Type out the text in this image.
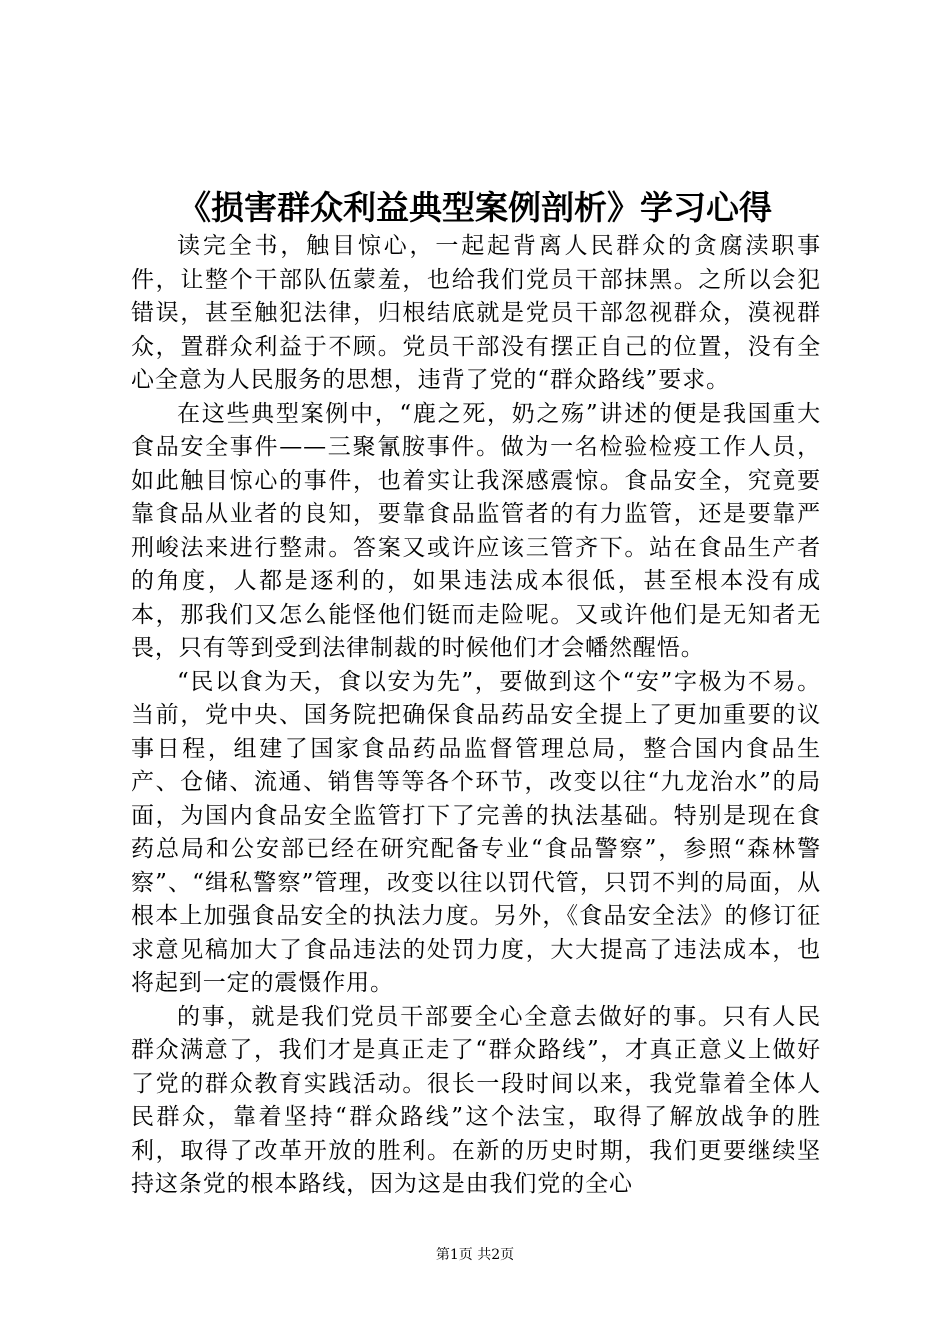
《损害群众利益典型案例剖析》学习心得

读完全书，触目惊心，一起起背离人民群众的贪腐渎职事件，让整个干部队伍蒙羞，也给我们党员干部抹黑。之所以会犯错误，甚至触犯法律，归根结底就是党员干部忽视群众，漠视群众，置群众利益于不顾。党员干部没有摆正自己的位置，没有全心全意为人民服务的思想，违背了党的“群众路线”要求。

在这些典型案例中，“鹿之死，奶之殇”讲述的便是我国重大食品安全事件——三聚氰胺事件。做为一名检验检疫工作人员，如此触目惊心的事件，也着实让我深感震惊。食品安全，究竟要靠食品从业者的良知，要靠食品监管者的有力监管，还是要靠严刑峻法来进行整肃。答案又或许应该三管齐下。站在食品生产者的角度，人都是逐利的，如果违法成本很低，甚至根本没有成本，那我们又怎么能怪他们铤而走险呢。又或许他们是无知者无畏，只有等到受到法律制裁的时候他们才会幡然醒悟。

“民以食为天，食以安为先”，要做到这个“安”字极为不易。当前，党中央、国务院把确保食品药品安全提上了更加重要的议事日程，组建了国家食品药品监督管理总局，整合国内食品生产、仓储、流通、销售等等各个环节，改变以往“九龙治水”的局面，为国内食品安全监管打下了完善的执法基础。特别是现在食药总局和公安部已经在研究配备专业“食品警察”，参照“森林警察”、“缉私警察”管理，改变以往以罚代管，只罚不判的局面，从根本上加强食品安全的执法力度。另外，《食品安全法》的修订征求意见稿加大了食品违法的处罚力度，大大提高了违法成本，也将起到一定的震慑作用。

的事，就是我们党员干部要全心全意去做好的事。只有人民群众满意了，我们才是真正走了“群众路线”，才真正意义上做好了党的群众教育实践活动。很长一段时间以来，我党靠着全体人民群众，靠着坚持“群众路线”这个法宝，取得了解放战争的胜利，取得了改革开放的胜利。在新的历史时期，我们更要继续坚持这条党的根本路线，因为这是由我们党的全心

第1页 共2页
